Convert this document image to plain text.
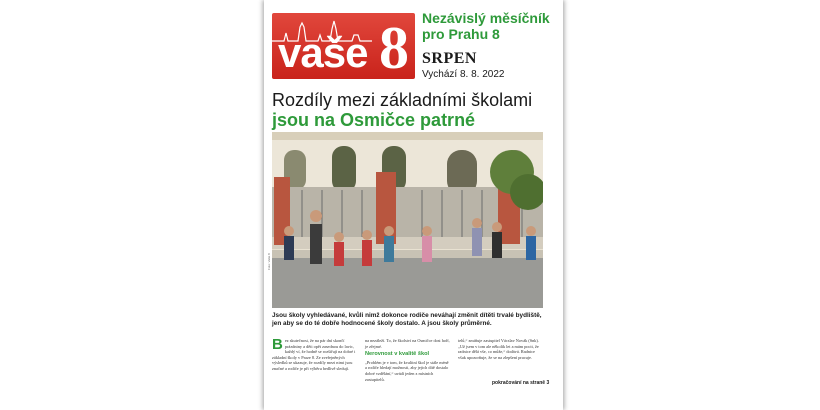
vaše 8 Nezávislý měsíčník pro Prahu 8
SRPEN
Vychází 8. 8. 2022
Rozdíly mezi základními školami
jsou na Osmičce patrné
Foto: Vaše 8
Jsou školy vyhledávané, kvůli nimž dokonce rodiče neváhají změnit dítěti trvalé bydliště, jen aby se do té dobře hodnocené školy dostalo. A jsou školy průměrné.
B ez skutečnost, že na pár dní skončí prázdniny a děti opět zasednou do lavic, každý ví, že hodně se rozšiřují na dobré i základní školy v Praze 8. Ze zveřejněných výsledků se ukazuje, že rozdíly mezi nimi jsou značné a rodiče je při výběru bedlivě sledují.
na nezáleží. To, že školství na Osmičce dost hoří, je zřejmé.
Nerovnost v kvalitě škol
„Problém je v tom, že kvalitní škol je stále méně a rodiče hledají možnosti, aby jejich dítě dostalo dobré vzdělání,“ uvádí jeden z místních zastupitelů.
telů,“ zmiňuje zastupitel Vácslav Novák (Snk). „Už jsem v tom ale několik let a mám pocit, že radnice dělá vše, co může,“ dodává. Radnice však upozorňuje, že se na zlepšení pracuje.
pokračování na straně 3
